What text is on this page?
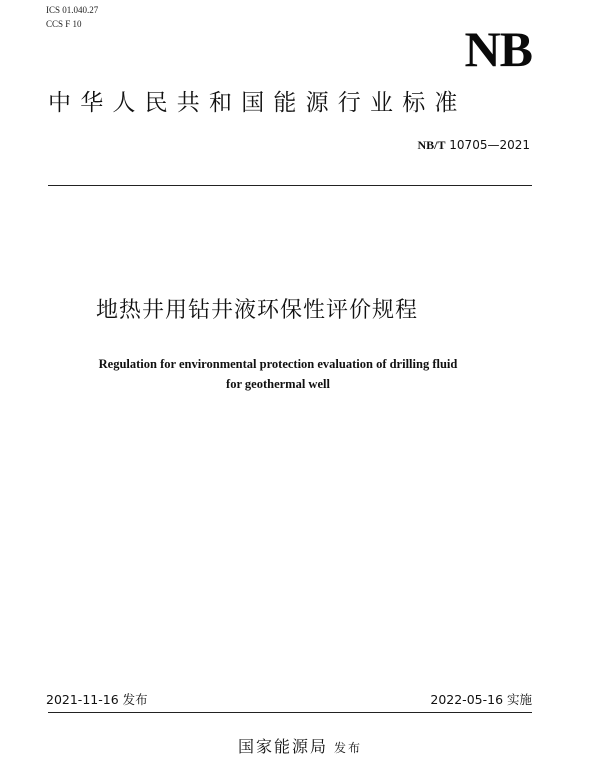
ICS 01.040.27
CCS F 10	NB
中华人民共和国能源行业标准
NB/T 10705—2021
地热井用钻井液环保性评价规程
Regulation for environmental protection evaluation of drilling fluid
for geothermal well
2021-11-16 发布	2022-05-16 实施
国家能源局 发布
